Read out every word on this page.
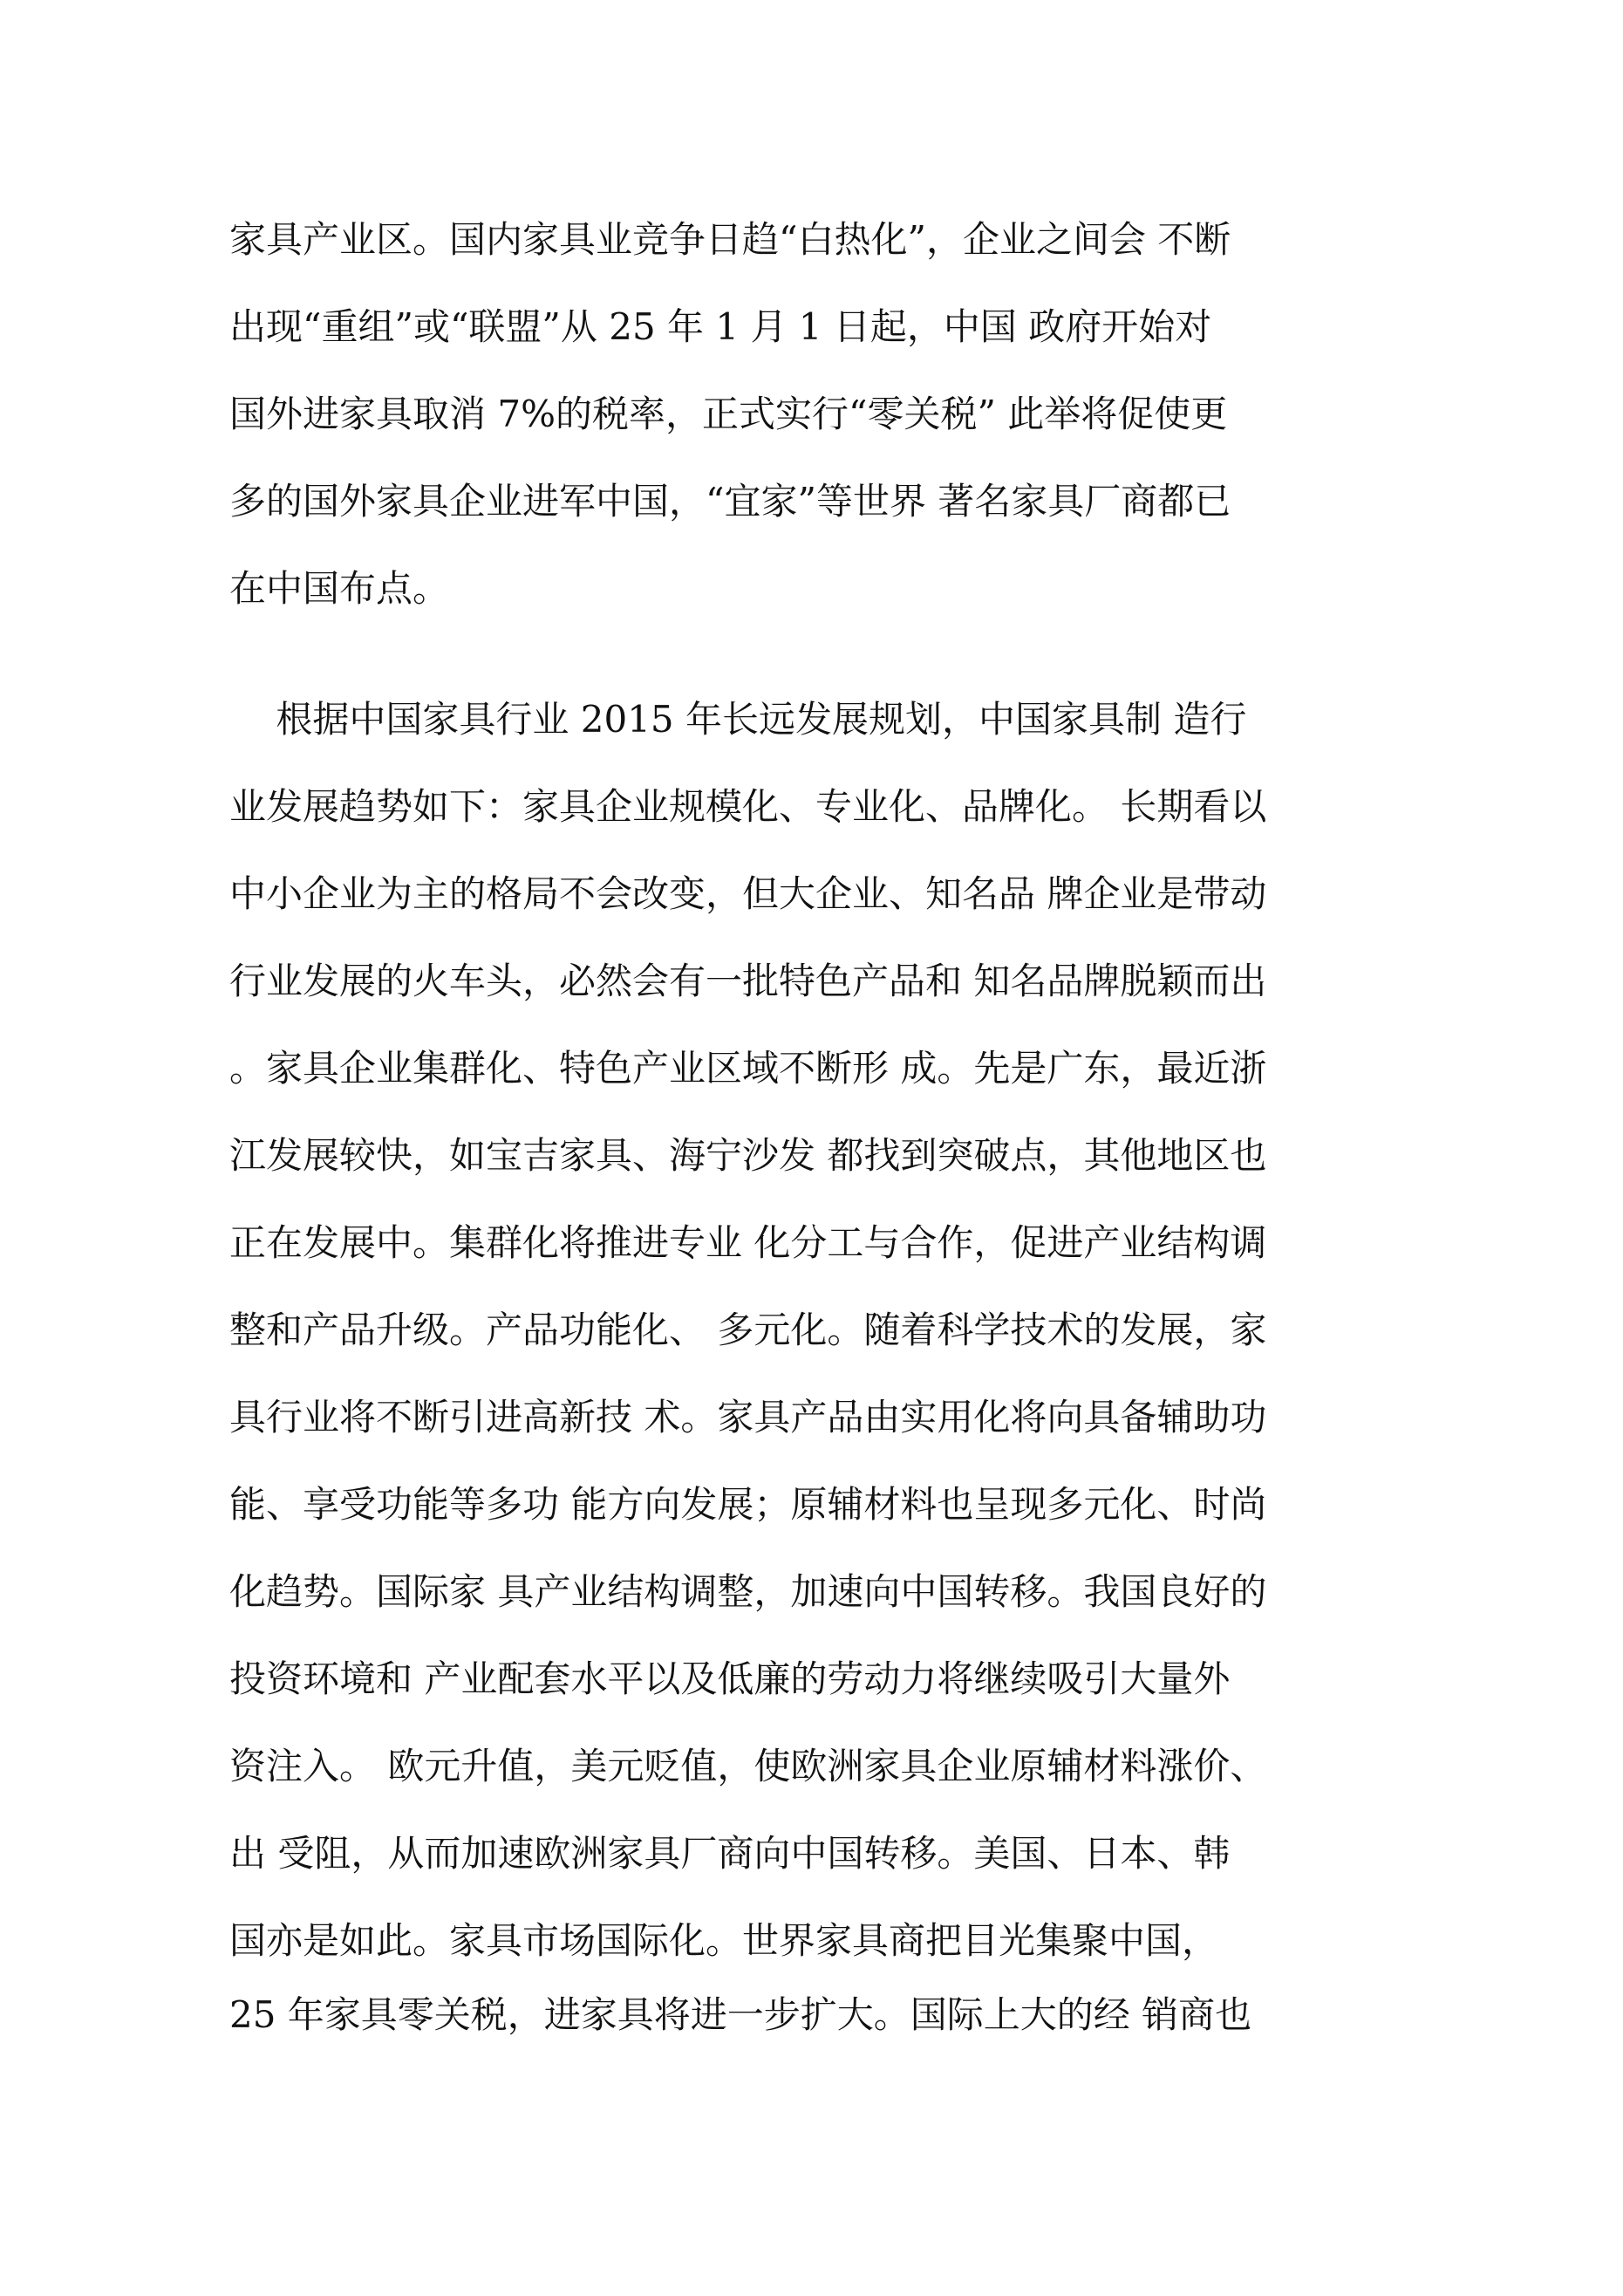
家具产业区。国内家具业竞争日趋“白热化”，企业之间会 不断
出现“重组”或“联盟”从 25 年 1 月 1 日起，中国 政府开始对
国外进家具取消 7%的税率，正式实行“零关税” 此举将促使更
多的国外家具企业进军中国，“宜家”等世界 著名家具厂商都已
在中国布点。
根据中国家具行业 2015 年长远发展规划，中国家具制 造行
业发展趋势如下：家具企业规模化、专业化、品牌化。 长期看以
中小企业为主的格局不会改变，但大企业、知名品 牌企业是带动
行业发展的火车头，必然会有一批特色产品和 知名品牌脱颖而出
。家具企业集群化、特色产业区域不断形 成。先是广东，最近浙
江发展较快，如宝吉家具、海宁沙发 都找到突破点，其他地区也
正在发展中。集群化将推进专业 化分工与合作，促进产业结构调
整和产品升级。产品功能化、 多元化。随着科学技术的发展，家
具行业将不断引进高新技 术。家具产品由实用化将向具备辅助功
能、享受功能等多功 能方向发展；原辅材料也呈现多元化、时尚
化趋势。国际家 具产业结构调整，加速向中国转移。我国良好的
投资环境和 产业配套水平以及低廉的劳动力将继续吸引大量外
资注入。 欧元升值，美元贬值，使欧洲家具企业原辅材料涨价、
出 受阻，从而加速欧洲家具厂商向中国转移。美国、日本、韩
国亦是如此。家具市场国际化。世界家具商把目光集聚中国，
25 年家具零关税，进家具将进一步扩大。国际上大的经 销商也
